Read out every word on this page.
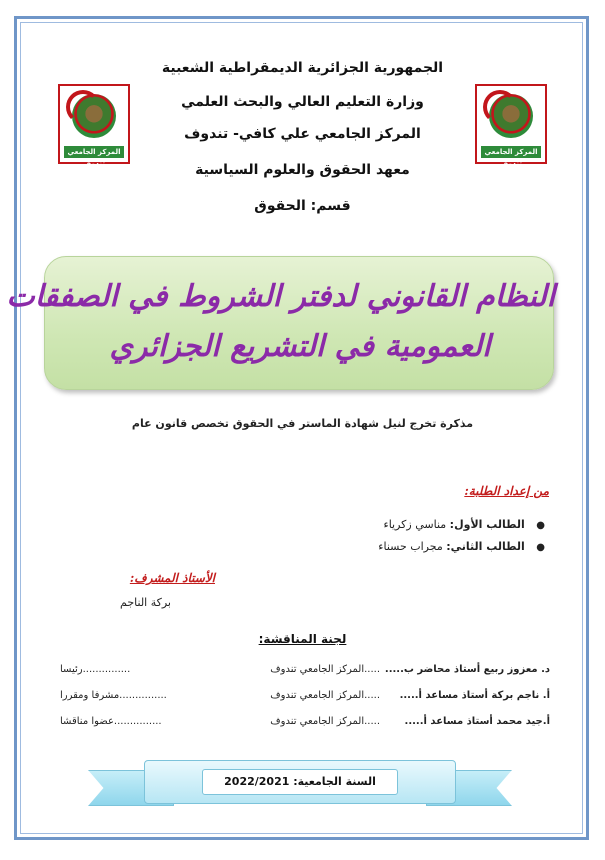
المركز الجامعي تندوف
المركز الجامعي تندوف
الجمهورية الجزائرية الديمقراطية الشعبية
وزارة التعليم العالي والبحث العلمي
المركز الجامعي علي كافي- تندوف
معهد الحقوق والعلوم السياسية
قسم: الحقوق
النظام القانوني لدفتر الشروط في الصفقات
العمومية في التشريع الجزائري
مذكرة تخرج لنيل شهادة الماستر في الحقوق تخصص قانون عام
من إعداد الطلبة:
● الطالب الأول: مناسي زكرياء
● الطالب الثاني: مجراب حسناء
الأستاذ المشرف:
بركة الناجم
لجنة المناقشة:
د. معزوز ربيع أستاذ محاضر ب.....
.....المركز الجامعي تندوف
...............رئيسا
أ. ناجم بركة أستاذ مساعد أ.....
.....المركز الجامعي تندوف
...............مشرفا ومقررا
أ.جيد محمد أستاذ مساعد أ.....
.....المركز الجامعي تندوف
...............عضوا مناقشا
السنة الجامعية: 2022/2021
